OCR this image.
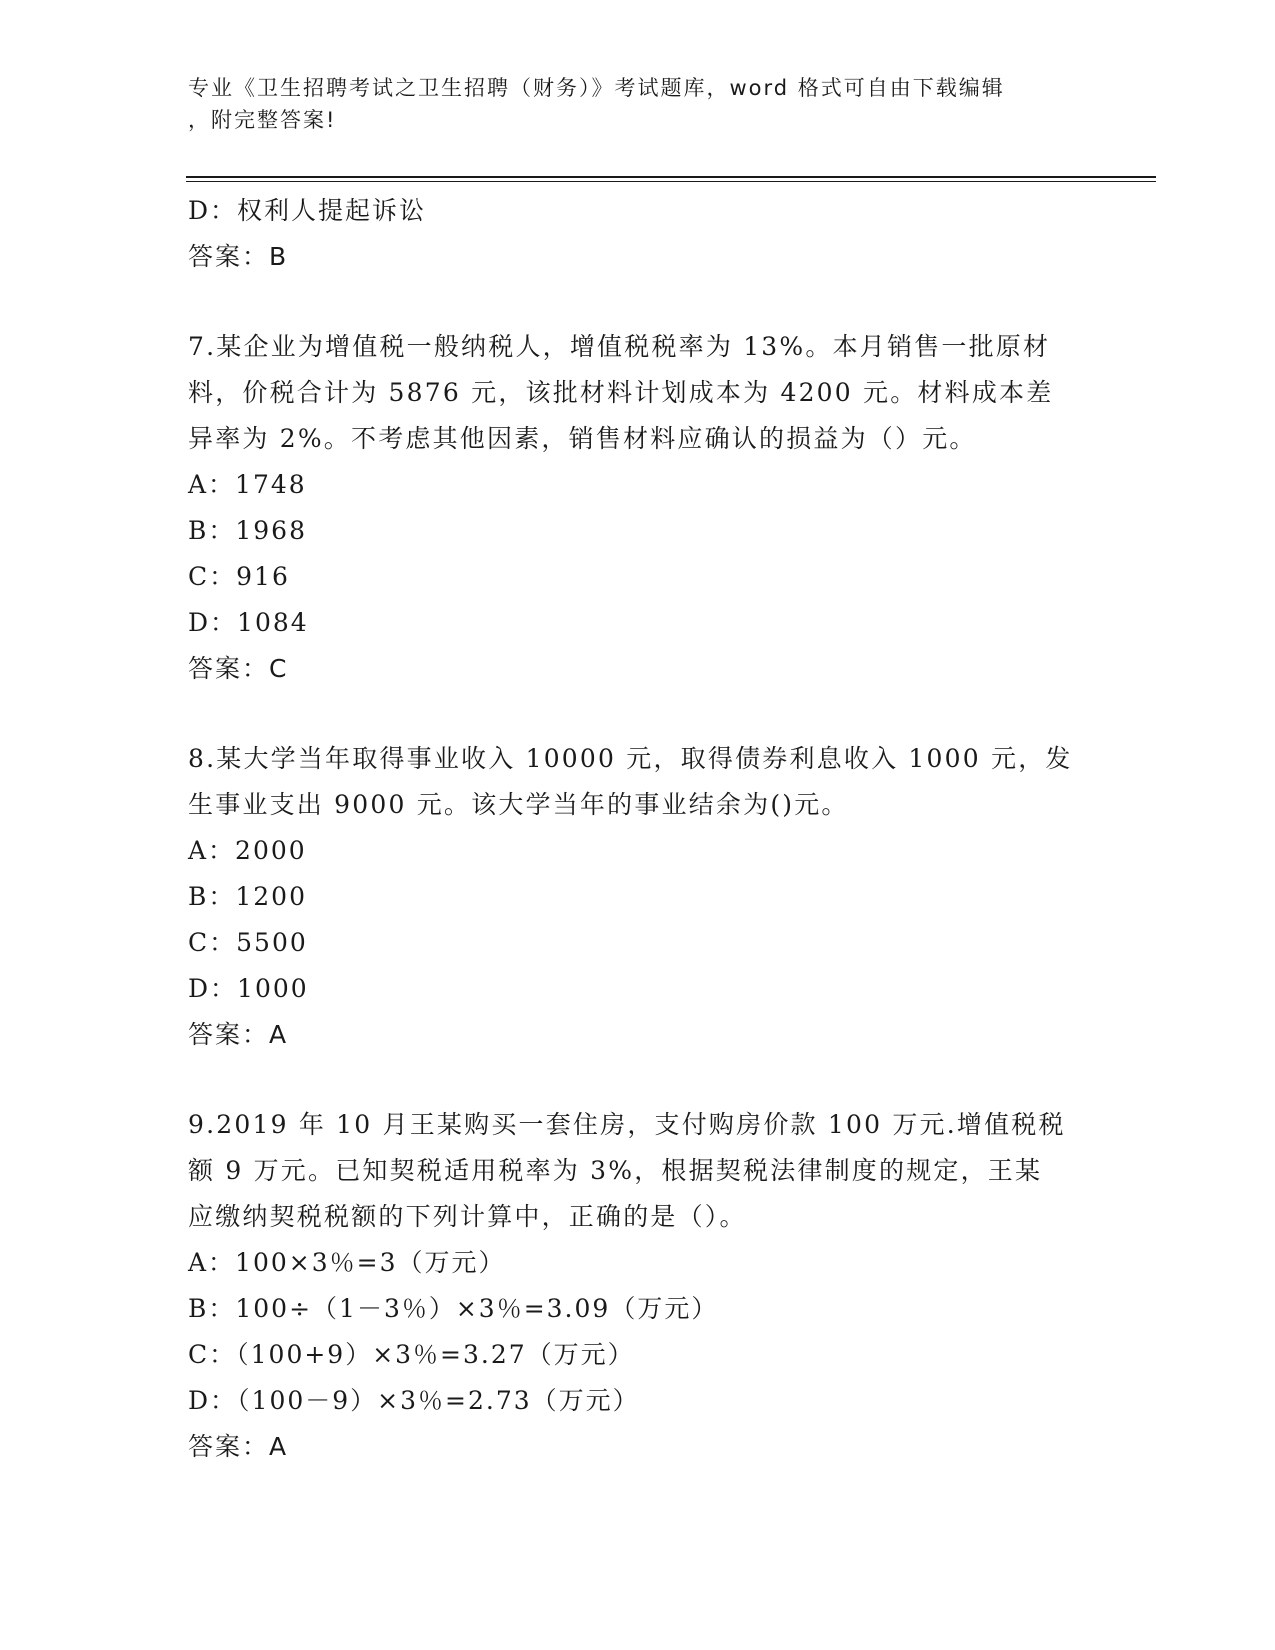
专业《卫生招聘考试之卫生招聘（财务）》考试题库，word 格式可自由下载编辑
，附完整答案!
D：权利人提起诉讼
答案：B
7.某企业为增值税一般纳税人，增值税税率为 13%。本月销售一批原材
料，价税合计为 5876 元，该批材料计划成本为 4200 元。材料成本差
异率为 2%。不考虑其他因素，销售材料应确认的损益为（）元。
A：1748
B：1968
C：916
D：1084
答案：C
8.某大学当年取得事业收入 10000 元，取得债券利息收入 1000 元，发
生事业支出 9000 元。该大学当年的事业结余为()元。
A：2000
B：1200
C：5500
D：1000
答案：A
9.2019 年 10 月王某购买一套住房，支付购房价款 100 万元.增值税税
额 9 万元。已知契税适用税率为 3%，根据契税法律制度的规定，王某
应缴纳契税税额的下列计算中，正确的是（）。
A：100×3％=3（万元）
B：100÷（1－3％）×3％=3.09（万元）
C：（100+9）×3％=3.27（万元）
D：（100－9）×3％=2.73（万元）
答案：A
